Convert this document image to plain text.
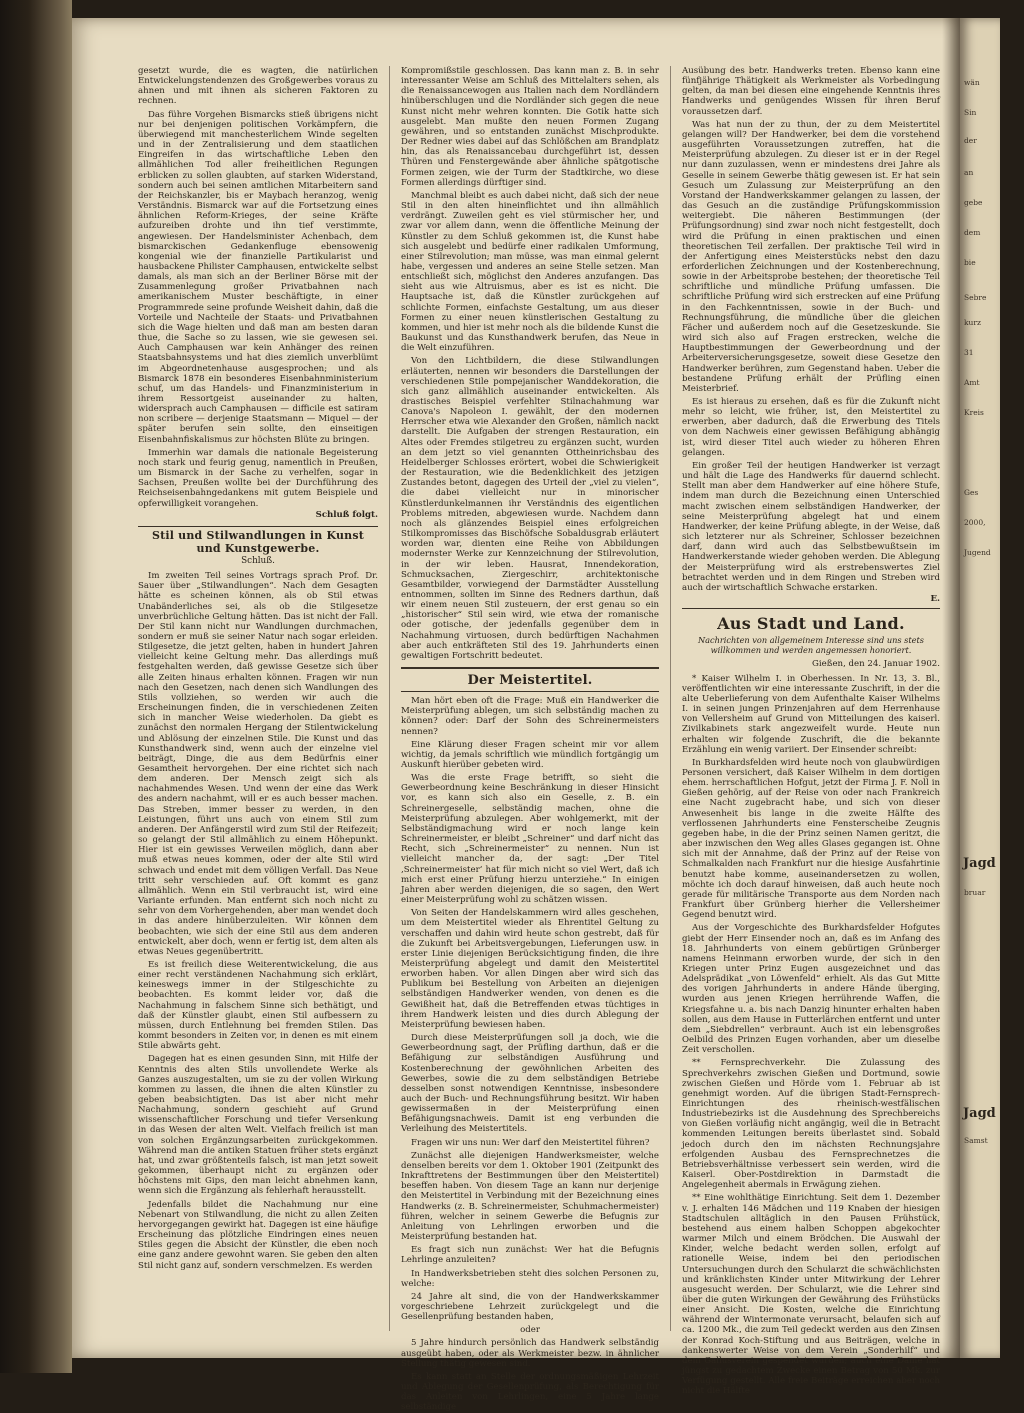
gesetzt wurde, die es wagten, die natürlichen Entwickelungstendenzen des Großgewerbes voraus zu ahnen und mit ihnen als sicheren Faktoren zu rechnen.

Das führe Vorgehen Bismarcks stieß übrigens nicht nur bei denjenigen politischen Vorkämpfern, die überwiegend mit manchesterlichem Winde segelten und in der Zentralisierung und dem staatlichen Eingreifen in das wirtschaftliche Leben den allmählichen Tod aller freiheitlichen Regungen erblicken zu sollen glaubten, auf starken Widerstand, sondern auch bei seinen amtlichen Mitarbeitern sand der Reichskanzler, bis er Maybach heranzog, wenig Verständnis. Bismarck war auf die Fortsetzung eines ähnlichen Reform-Krieges, der seine Kräfte aufzureiben drohte und ihn tief verstimmte, angewiesen. Der Handelsminister Achenbach, dem bismarckischen Gedankenfluge ebensowenig kongenial wie der finanzielle Partikularist und hausbackene Philister Camphausen, entwickelte selbst damals, als man sich an der Berliner Börse mit der Zusammenlegung großer Privatbahnen nach amerikanischem Muster beschäftigte, in einer Programmrede seine profunde Weisheit dahin, daß die Vorteile und Nachteile der Staats- und Privatbahnen sich die Wage hielten und daß man am besten daran thue, die Sache so zu lassen, wie sie gewesen sei. Auch Camphausen war kein Anhänger des reinen Staatsbahnsystems und hat dies ziemlich unverblümt im Abgeordnetenhause ausgesprochen; und als Bismarck 1878 ein besonderes Eisenbahnministerium schuf, um das Handels- und Finanzministerium in ihrem Ressortgeist auseinander zu halten, widersprach auch Camphausen — difficile est satiram non scribere — derjenige Staatsmann — Miquel — der später berufen sein sollte, den einseitigen Eisenbahnfiskalismus zur höchsten Blüte zu bringen.

Immerhin war damals die nationale Begeisterung noch stark und feurig genug, namentlich in Preußen, um Bismarck in der Sache zu verhelfen, sogar in Sachsen, Preußen wollte bei der Durchführung des Reichseisenbahngedankens mit gutem Beispiele und opferwilligkeit vorangehen.

Schluß folgt.

Stil und Stilwandlungen in Kunst und Kunstgewerbe.
Schluß.

Im zweiten Teil seines Vortrags sprach Prof. Dr. Sauer über „Stilwandlungen“. Nach dem Gesagten hätte es scheinen können, als ob Stil etwas Unabänderliches sei, als ob die Stilgesetze unverbrüchliche Geltung hätten. Das ist nicht der Fall. Der Stil kann nicht nur Wandlungen durchmachen, sondern er muß sie seiner Natur nach sogar erleiden. Stilgesetze, die jetzt gelten, haben in hundert Jahren vielleicht keine Geltung mehr. Das allerdings muß festgehalten werden, daß gewisse Gesetze sich über alle Zeiten hinaus erhalten können. Fragen wir nun nach den Gesetzen, nach denen sich Wandlungen des Stils vollziehen, so werden wir auch die Erscheinungen finden, die in verschiedenen Zeiten sich in mancher Weise wiederholen. Da giebt es zunächst den normalen Hergang der Stilentwickelung und Ablösung der einzelnen Stile. Die Kunst und das Kunsthandwerk sind, wenn auch der einzelne viel beiträgt, Dinge, die aus dem Bedürfnis einer Gesamtheit hervorgehen. Der eine richtet sich nach dem anderen. Der Mensch zeigt sich als nachahmendes Wesen. Und wenn der eine das Werk des andern nachahmt, will er es auch besser machen. Das Streben, immer besser zu werden, in den Leistungen, führt uns auch von einem Stil zum anderen. Der Anfängerstil wird zum Stil der Reifezeit; so gelangt der Stil allmählich zu einem Höhepunkt. Hier ist ein gewisses Verweilen möglich, dann aber muß etwas neues kommen, oder der alte Stil wird schwach und endet mit dem völligen Verfall. Das Neue tritt sehr verschieden auf. Oft kommt es ganz allmählich. Wenn ein Stil verbraucht ist, wird eine Variante erfunden. Man entfernt sich noch nicht zu sehr von dem Vorhergehenden, aber man wendet doch in das andere hinüberzuleiten. Wir können dem beobachten, wie sich der eine Stil aus dem anderen entwickelt, aber doch, wenn er fertig ist, dem alten als etwas Neues gegenübertritt.

Es ist freilich diese Weiterentwickelung, die aus einer recht verständenen Nachahmung sich erklärt, keineswegs immer in der Stilgeschichte zu beobachten. Es kommt leider vor, daß die Nachahmung in falschem Sinne sich bethätigt, und daß der Künstler glaubt, einen Stil aufbessern zu müssen, durch Entlehnung bei fremden Stilen. Das kommt besonders in Zeiten vor, in denen es mit einem Stile abwärts geht.

Dagegen hat es einen gesunden Sinn, mit Hilfe der Kenntnis des alten Stils unvollendete Werke als Ganzes auszugestalten, um sie zu der vollen Wirkung kommen zu lassen, die ihnen die alten Künstler zu geben beabsichtigten. Das ist aber nicht mehr Nachahmung, sondern geschieht auf Grund wissenschaftlicher Forschung und tiefer Versenkung in das Wesen der alten Welt. Vielfach freilich ist man von solchen Ergänzungsarbeiten zurückgekommen. Während man die antiken Statuen früher stets ergänzt hat, und zwar größtenteils falsch, ist man jetzt soweit gekommen, überhaupt nicht zu ergänzen oder höchstens mit Gips, den man leicht abnehmen kann, wenn sich die Ergänzung als fehlerhaft herausstellt.

Jedenfalls bildet die Nachahmung nur eine Nebenart von Stilwandlung, die nicht zu allen Zeiten hervorgegangen gewirkt hat. Dagegen ist eine häufige Erscheinung das plötzliche Eindringen eines neuen Stiles gegen die Absicht der Künstler, die eben noch eine ganz andere gewohnt waren. Sie geben den alten Stil nicht ganz auf, sondern verschmelzen. Es werden

Kompromißstile geschlossen. Das kann man z. B. in sehr interessanter Weise am Schluß des Mittelalters sehen, als die Renaissancewogen aus Italien nach dem Nordländern hinüberschlugen und die Nordländer sich gegen die neue Kunst nicht mehr wehren konnten. Die Gotik hatte sich ausgelebt. Man mußte den neuen Formen Zugang gewähren, und so entstanden zunächst Mischprodukte. Der Redner wies dabei auf das Schlößchen am Brandplatz hin, das als Renaissancebau durchgeführt ist, dessen Thüren und Fenstergewände aber ähnliche spätgotische Formen zeigen, wie der Turm der Stadtkirche, wo diese Formen allerdings dürftiger sind.

Manchmal bleibt es auch dabei nicht, daß sich der neue Stil in den alten hineinflichtet und ihn allmählich verdrängt. Zuweilen geht es viel stürmischer her, und zwar vor allem dann, wenn die öffentliche Meinung der Künstler zu dem Schluß gekommen ist, die Kunst habe sich ausgelebt und bedürfe einer radikalen Umformung, einer Stilrevolution; man müsse, was man einmal gelernt habe, vergessen und anderes an seine Stelle setzen. Man entschließt sich, möglichst den Anderes anzufangen. Das sieht aus wie Altruismus, aber es ist es nicht. Die Hauptsache ist, daß die Künstler zurückgehen auf schlichte Formen, einfachste Gestaltung, um aus dieser Formen zu einer neuen künstlerischen Gestaltung zu kommen, und hier ist mehr noch als die bildende Kunst die Baukunst und das Kunsthandwerk berufen, das Neue in die Welt einzuführen.

Von den Lichtbildern, die diese Stilwandlungen erläuterten, nennen wir besonders die Darstellungen der verschiedenen Stile pompejanischer Wanddekoration, die sich ganz allmählich auseinander entwickelten. Als drastisches Beispiel verfehlter Stilnachahmung war Canova's Napoleon I. gewählt, der den modernen Herrscher etwa wie Alexander den Großen, nämlich nackt darstellt. Die Aufgaben der strengen Restauration, ein Altes oder Fremdes stilgetreu zu ergänzen sucht, wurden an dem jetzt so viel genannten Ottheinrichsbau des Heidelberger Schlosses erörtert, wobei die Schwierigkeit der Restauration, wie die Bedenklichkeit des jetzigen Zustandes betont, dagegen des Urteil der „viel zu vielen“, die dabei vielleicht nur in minorischer Künstlerdunkelmannen ihr Verständnis des eigentlichen Problems mitreden, abgewiesen wurde. Nachdem dann noch als glänzendes Beispiel eines erfolgreichen Stilkompromisses das Bischöfsche Sobaldusgrab erläutert worden war, dienten eine Reihe von Abbildungen modernster Werke zur Kennzeichnung der Stilrevolution, in der wir leben. Hausrat, Innendekoration, Schmucksachen, Ziergeschirr, architektonische Gesamtbilder, vorwiegend der Darmstädter Ausstellung entnommen, sollten im Sinne des Redners darthun, daß wir einem neuen Stil zusteuern, der erst genau so ein „historischer“ Stil sein wird, wie etwa der romanische oder gotische, der jedenfalls gegenüber dem in Nachahmung virtuosen, durch bedürftigen Nachahmen aber auch entkräfteten Stil des 19. Jahrhunderts einen gewaltigen Fortschritt bedeutet.

Der Meistertitel.

Man hört eben oft die Frage: Muß ein Handwerker die Meisterprüfung ablegen, um sich selbständig machen zu können? oder: Darf der Sohn des Schreinermeisters nennen?

Eine Klärung dieser Fragen scheint mir vor allem wichtig, da jemals schriftlich wie mündlich fortgängig um Auskunft hierüber gebeten wird.

Was die erste Frage betrifft, so sieht die Gewerbeordnung keine Beschränkung in dieser Hinsicht vor, es kann sich also ein Geselle, z. B. ein Schreinergeselle, selbständig machen, ohne die Meisterprüfung abzulegen. Aber wohlgemerkt, mit der Selbständigmachung wird er noch lange kein Schreinermeister, er bleibt „Schreiner“ und darf nicht das Recht, sich „Schreinermeister“ zu nennen. Nun ist vielleicht mancher da, der sagt: „Der Titel ‚Schreinermeister‘ hat für mich nicht so viel Wert, daß ich mich erst einer Prüfung hierzu unterziehe.“ In einigen Jahren aber werden diejenigen, die so sagen, den Wert einer Meisterprüfung wohl zu schätzen wissen.

Von Seiten der Handelskammern wird alles geschehen, um dem Meistertitel wieder als Ehrentitel Geltung zu verschaffen und dahin wird heute schon gestrebt, daß für die Zukunft bei Arbeitsvergebungen, Lieferungen usw. in erster Linie diejenigen Berücksichtigung finden, die ihre Meisterprüfung abgelegt und damit den Meistertitel erworben haben. Vor allen Dingen aber wird sich das Publikum bei Bestellung von Arbeiten an diejenigen selbständigen Handwerker wenden, von denen es die Gewißheit hat, daß die Betreffenden etwas tüchtiges in ihrem Handwerk leisten und dies durch Ablegung der Meisterprüfung bewiesen haben.

Durch diese Meisterprüfungen soll ja doch, wie die Gewerbeordnung sagt, der Prüfling darthun, daß er die Befähigung zur selbständigen Ausführung und Kostenberechnung der gewöhnlichen Arbeiten des Gewerbes, sowie die zu dem selbständigen Betriebe desselben sonst notwendigen Kenntnisse, insbesondere auch der Buch- und Rechnungsführung besitzt. Wir haben gewissermaßen in der Meisterprüfung einen Befähigungsnachweis. Damit ist eng verbunden die Verleihung des Meistertitels.

Fragen wir uns nun: Wer darf den Meistertitel führen?

Zunächst alle diejenigen Handwerksmeister, welche denselben bereits vor dem 1. Oktober 1901 (Zeitpunkt des Inkrafttretens der Bestimmungen über den Meistertitel) beseffen haben. Von diesem Tage an kann nur derjenige den Meistertitel in Verbindung mit der Bezeichnung eines Handwerks (z. B. Schreinermeister, Schuhmachermeister) führen, welcher in seinem Gewerbe die Befugnis zur Anleitung von Lehrlingen erworben und die Meisterprüfung bestanden hat.

Es fragt sich nun zunächst: Wer hat die Befugnis Lehrlinge anzuleiten?

In Handwerksbetrieben steht dies solchen Personen zu, welche:

24 Jahre alt sind, die von der Handwerkskammer vorgeschriebene Lehrzeit zurückgelegt und die Gesellenprüfung bestanden haben,

oder

5 Jahre hindurch persönlich das Handwerk selbständig ausgeübt haben, oder als Werkmeister bezw. in ähnlicher Stellung thätig gewesen sind.

Es kann statt an Stelle der ordnungsmäßigen Lehrzeit und Ablegung der Gesellenprüfung, als Berechtigung für das Anleiten von Lehrlingen, eine 5 Jahre lange selbständige

Ausübung des betr. Handwerks treten. Ebenso kann eine fünfjährige Thätigkeit als Werkmeister als Vorbedingung gelten, da man bei diesen eine eingehende Kenntnis ihres Handwerks und genügendes Wissen für ihren Beruf voraussetzen darf.

Was hat nun der zu thun, der zu dem Meistertitel gelangen will? Der Handwerker, bei dem die vorstehend ausgeführten Voraussetzungen zutreffen, hat die Meisterprüfung abzulegen. Zu dieser ist er in der Regel nur dann zuzulassen, wenn er mindestens drei Jahre als Geselle in seinem Gewerbe thätig gewesen ist. Er hat sein Gesuch um Zulassung zur Meisterprüfung an den Vorstand der Handwerkskammer gelangen zu lassen, der das Gesuch an die zuständige Prüfungskommission weitergiebt. Die näheren Bestimmungen (der Prüfungsordnung) sind zwar noch nicht festgestellt, doch wird die Prüfung in einen praktischen und einen theoretischen Teil zerfallen. Der praktische Teil wird in der Anfertigung eines Meisterstücks nebst den dazu erforderlichen Zeichnungen und der Kostenberechnung, sowie in der Arbeitsprobe bestehen; der theoretische Teil schriftliche und mündliche Prüfung umfassen. Die schriftliche Prüfung wird sich erstrecken auf eine Prüfung in den Fachkenntnissen, sowie in der Buch- und Rechnungsführung, die mündliche über die gleichen Fächer und außerdem noch auf die Gesetzeskunde. Sie wird sich also auf Fragen erstrecken, welche die Hauptbestimmungen der Gewerbeordnung und der Arbeiterversicherungsgesetze, soweit diese Gesetze den Handwerker berühren, zum Gegenstand haben. Ueber die bestandene Prüfung erhält der Prüfling einen Meisterbrief.

Es ist hieraus zu ersehen, daß es für die Zukunft nicht mehr so leicht, wie früher, ist, den Meistertitel zu erwerben, aber dadurch, daß die Erwerbung des Titels von dem Nachweis einer gewissen Befähigung abhängig ist, wird dieser Titel auch wieder zu höheren Ehren gelangen.

Ein großer Teil der heutigen Handwerker ist verzagt und hält die Lage des Handwerks für dauernd schlecht. Stellt man aber dem Handwerker auf eine höhere Stufe, indem man durch die Bezeichnung einen Unterschied macht zwischen einem selbständigen Handwerker, der seine Meisterprüfung abgelegt hat und einem Handwerker, der keine Prüfung ablegte, in der Weise, daß sich letzterer nur als Schreiner, Schlosser bezeichnen darf, dann wird auch das Selbstbewußtsein im Handwerkerstande wieder gehoben werden. Die Ablegung der Meisterprüfung wird als erstrebenswertes Ziel betrachtet werden und in dem Ringen und Streben wird auch der wirtschaftlich Schwache erstarken.

E.

Aus Stadt und Land.
Nachrichten von allgemeinem Interesse sind uns stets willkommen und werden angemessen honoriert.

Gießen, den 24. Januar 1902.

* Kaiser Wilhelm I. in Oberhessen. In Nr. 13, 3. Bl., veröffentlichten wir eine interessante Zuschrift, in der die alte Ueberlieferung von dem Aufenthalte Kaiser Wilhelms I. in seinen jungen Prinzenjahren auf dem Herrenhause von Vellersheim auf Grund von Mitteilungen des kaiserl. Zivilkabinets stark angezweifelt wurde. Heute nun erhalten wir folgende Zuschrift, die die bekannte Erzählung ein wenig variiert. Der Einsender schreibt:

In Burkhardsfelden wird heute noch von glaubwürdigen Personen versichert, daß Kaiser Wilhelm in dem dortigen ehem. herrschaftlichen Hofgut, jetzt der Firma J. F. Noll in Gießen gehörig, auf der Reise von oder nach Frankreich eine Nacht zugebracht habe, und sich von dieser Anwesenheit bis lange in die zweite Hälfte des verflossenen Jahrhunderts eine Fensterscheibe Zeugnis gegeben habe, in die der Prinz seinen Namen geritzt, die aber inzwischen den Weg alles Glases gegangen ist. Ohne sich mit der Annahme, daß der Prinz auf der Reise von Schmalkalden nach Frankfurt nur die hiesige Ausfahrtinie benutzt habe komme, auseinandersetzen zu wollen, möchte ich doch darauf hinweisen, daß auch heute noch gerade für militärische Transporte aus dem Norden nach Frankfurt über Grünberg hierher die Vellersheimer Gegend benutzt wird.

Aus der Vorgeschichte des Burkhardsfelder Hofgutes giebt der Herr Einsender noch an, daß es im Anfang des 18. Jahrhunderts von einem gebürtigen Grünberger namens Heinmann erworben wurde, der sich in den Kriegen unter Prinz Eugen ausgezeichnet und das Adelsprädikat „von Löwenfeld“ erhielt. Als das Gut Mitte des vorigen Jahrhunderts in andere Hände überging, wurden aus jenen Kriegen herrührende Waffen, die Kriegsfahne u. a. bis nach Danzig hinunter erhalten haben sollen, aus dem Hause in Futterlärchen entfernt und unter dem „Siebdrellen“ verbraunt. Auch ist ein lebensgroßes Oelbild des Prinzen Eugen vorhanden, aber um dieselbe Zeit verschollen.

** Fernsprechverkehr. Die Zulassung des Sprechverkehrs zwischen Gießen und Dortmund, sowie zwischen Gießen und Hörde vom 1. Februar ab ist genehmigt worden. Auf die übrigen Stadt-Fernsprech-Einrichtungen des rheinisch-westfälischen Industriebezirks ist die Ausdehnung des Sprechbereichs von Gießen vorläufig nicht angängig, weil die in Betracht kommenden Leitungen bereits überlastet sind. Sobald jedoch durch den im nächsten Rechnungsjahre erfolgenden Ausbau des Fernsprechnetzes die Betriebsverhältnisse verbessert sein werden, wird die Kaiserl. Ober-Postdirektion in Darmstadt die Angelegenheit abermals in Erwägung ziehen.

** Eine wohlthätige Einrichtung. Seit dem 1. Dezember v. J. erhalten 146 Mädchen und 119 Knaben der hiesigen Stadtschulen alltäglich in den Pausen Frühstück, bestehend aus einem halben Schoppen abgekochter warmer Milch und einem Brödchen. Die Auswahl der Kinder, welche bedacht werden sollen, erfolgt auf rationelle Weise, indem bei den periodischen Untersuchungen durch den Schularzt die schwächlichsten und kränklichsten Kinder unter Mitwirkung der Lehrer ausgesucht werden. Der Schularzt, wie die Lehrer sind über die guten Wirkungen der Gewährung des Frühstücks einer Ansicht. Die Kosten, welche die Einrichtung während der Wintermonate verursacht, belaufen sich auf ca. 1200 Mk., die zum Teil gedeckt werden aus den Zinsen der Konrad Koch-Stiftung und aus Beiträgen, welche in dankenswerter Weise von dem Verein „Sonderhilf“ und dem Gallusverein gespendet wurden; auch eine Dame hat jüngst zu gedachtem Zwecke einen Betrag von 50 Mk. zur Verfügung gestellt. Alle freie Beiträge erreichen aber noch nicht die Hälfte

wän
Sin
der
an
gebe
dem
bie
Sebre
kurz
31
Amt
Kreis
Ges
2000,
Jugend
Jagd
bruar
Jagd
Samst
